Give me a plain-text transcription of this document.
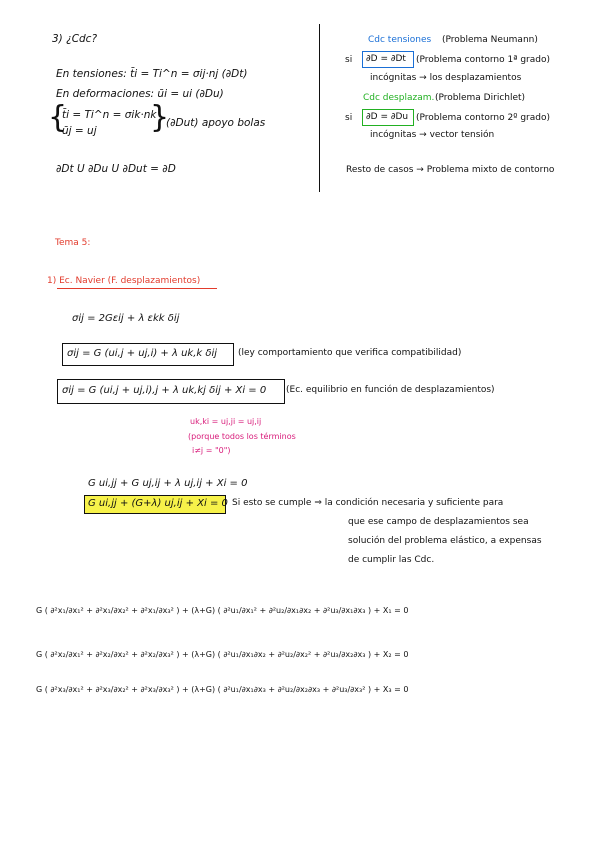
3) ¿Cdc?
En tensiones: t̄i = Ti^n = σij·nj (∂Dt)
En deformaciones: ūi = ui (∂Du)
{
t̄i = Ti^n = σik·nk
ūj = uj }
(∂Dut) apoyo bolas
∂Dt U ∂Du U ∂Dut = ∂D
Cdc tensiones (Problema Neumann)
si ∂D = ∂Dt (Problema contorno 1ª grado)
incógnitas → los desplazamientos
Cdc desplazam. (Problema Dirichlet)
si ∂D = ∂Du (Problema contorno 2º grado)
incógnitas → vector tensión
Resto de casos → Problema mixto de contorno
Tema 5:
1) Ec. Navier (F. desplazamientos)
σij = 2Gεij + λ εkk δij
σij = G (ui,j + uj,i) + λ uk,k δij (ley comportamiento que verifica compatibilidad)
σij = G (ui,j + uj,i),j + λ uk,kj δij + Xi = 0 (Ec. equilibrio en función de desplazamientos)
uk,ki = uj,ji = uj,ij
(porque todos los términos
i≠j = "0")
G ui,jj + G uj,ij + λ uj,ij + Xi = 0
G ui,jj + (G+λ) uj,ij + Xi = 0 Si esto se cumple ⇒ la condición necesaria y suficiente para
que ese campo de desplazamientos sea
solución del problema elástico, a expensas
de cumplir las Cdc.
G ( ∂²x₁/∂x₁² + ∂²x₁/∂x₂² + ∂²x₁/∂x₃² ) + (λ+G) ( ∂²u₁/∂x₁² + ∂²u₂/∂x₁∂x₂ + ∂²u₃/∂x₁∂x₃ ) + X₁ = 0
G ( ∂²x₂/∂x₁² + ∂²x₂/∂x₂² + ∂²x₂/∂x₃² ) + (λ+G) ( ∂²u₁/∂x₁∂x₂ + ∂²u₂/∂x₂² + ∂²u₃/∂x₂∂x₃ ) + X₂ = 0
G ( ∂²x₃/∂x₁² + ∂²x₃/∂x₂² + ∂²x₃/∂x₃² ) + (λ+G) ( ∂²u₁/∂x₁∂x₃ + ∂²u₂/∂x₂∂x₃ + ∂²u₃/∂x₃² ) + X₃ = 0
